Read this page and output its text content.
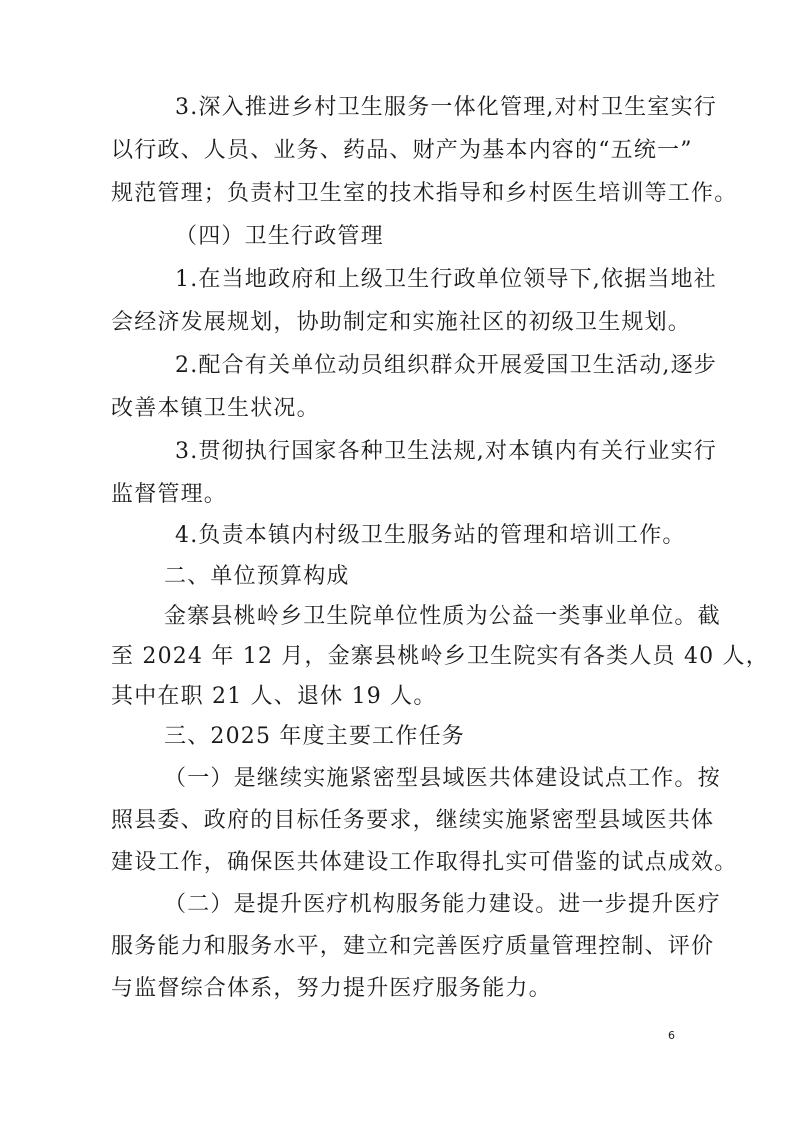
3.深入推进乡村卫生服务一体化管理,对村卫生室实行
以行政、人员、业务、药品、财产为基本内容的“五统一”
规范管理；负责村卫生室的技术指导和乡村医生培训等工作。
（四）卫生行政管理
1.在当地政府和上级卫生行政单位领导下,依据当地社
会经济发展规划，协助制定和实施社区的初级卫生规划。
2.配合有关单位动员组织群众开展爱国卫生活动,逐步
改善本镇卫生状况。
3.贯彻执行国家各种卫生法规,对本镇内有关行业实行
监督管理。
4.负责本镇内村级卫生服务站的管理和培训工作。
二、单位预算构成
金寨县桃岭乡卫生院单位性质为公益一类事业单位。截
至 2024 年 12 月，金寨县桃岭乡卫生院实有各类人员 40 人，
其中在职 21 人、退休 19 人。
三、2025 年度主要工作任务
（一）是继续实施紧密型县域医共体建设试点工作。按
照县委、政府的目标任务要求，继续实施紧密型县域医共体
建设工作，确保医共体建设工作取得扎实可借鉴的试点成效。
（二）是提升医疗机构服务能力建设。进一步提升医疗
服务能力和服务水平，建立和完善医疗质量管理控制、评价
与监督综合体系，努力提升医疗服务能力。
6
